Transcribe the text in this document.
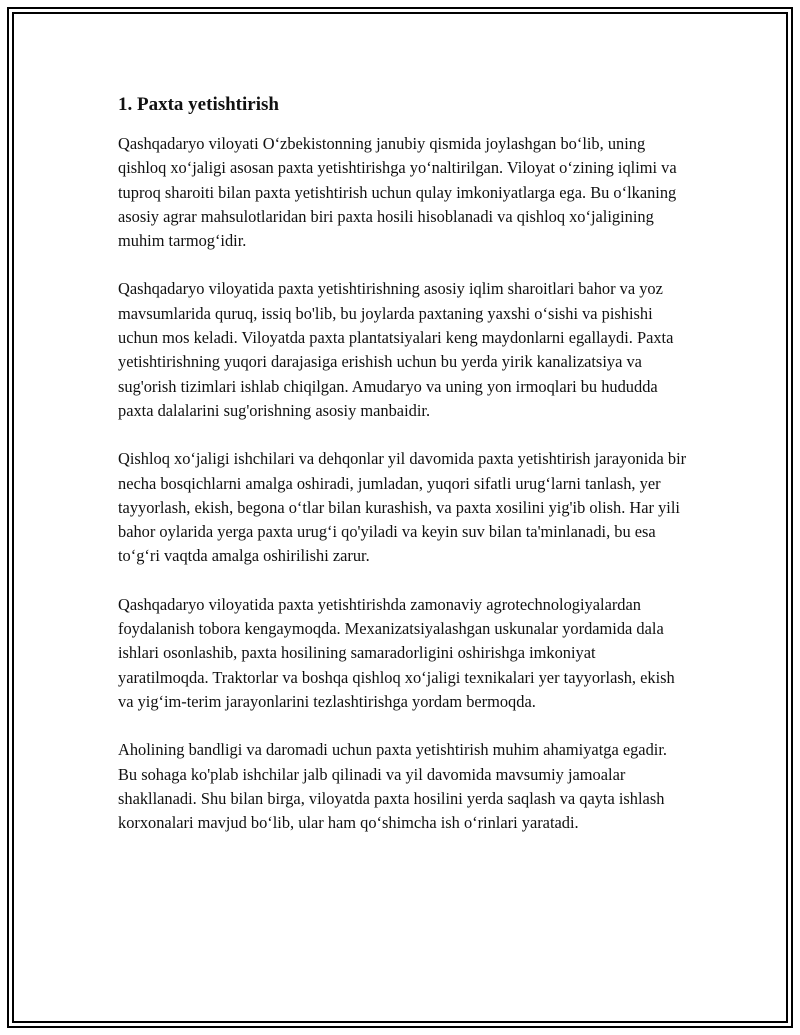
1. Paxta yetishtirish

Qashqadaryo viloyati O‘zbekistonning janubiy qismida joylashgan bo‘lib, uning qishloq xo‘jaligi asosan paxta yetishtirishga yo‘naltirilgan. Viloyat o‘zining iqlimi va tuproq sharoiti bilan paxta yetishtirish uchun qulay imkoniyatlarga ega. Bu o‘lkaning asosiy agrar mahsulotlaridan biri paxta hosili hisoblanadi va qishloq xo‘jaligining muhim tarmog‘idir.

Qashqadaryo viloyatida paxta yetishtirishning asosiy iqlim sharoitlari bahor va yoz mavsumlarida quruq, issiq bo'lib, bu joylarda paxtaning yaxshi o‘sishi va pishishi uchun mos keladi. Viloyatda paxta plantatsiyalari keng maydonlarni egallaydi. Paxta yetishtirishning yuqori darajasiga erishish uchun bu yerda yirik kanalizatsiya va sug'orish tizimlari ishlab chiqilgan. Amudaryo va uning yon irmoqlari bu hududda paxta dalalarini sug'orishning asosiy manbaidir.

Qishloq xo‘jaligi ishchilari va dehqonlar yil davomida paxta yetishtirish jarayonida bir necha bosqichlarni amalga oshiradi, jumladan, yuqori sifatli urug‘larni tanlash, yer tayyorlash, ekish, begona o‘tlar bilan kurashish, va paxta xosilini yig'ib olish. Har yili bahor oylarida yerga paxta urug‘i qo'yiladi va keyin suv bilan ta'minlanadi, bu esa to‘g‘ri vaqtda amalga oshirilishi zarur.

Qashqadaryo viloyatida paxta yetishtirishda zamonaviy agrotechnologiyalardan foydalanish tobora kengaymoqda. Mexanizatsiyalashgan uskunalar yordamida dala ishlari osonlashib, paxta hosilining samaradorligini oshirishga imkoniyat yaratilmoqda. Traktorlar va boshqa qishloq xo‘jaligi texnikalari yer tayyorlash, ekish va yig‘im-terim jarayonlarini tezlashtirishga yordam bermoqda.

Aholining bandligi va daromadi uchun paxta yetishtirish muhim ahamiyatga egadir. Bu sohaga ko'plab ishchilar jalb qilinadi va yil davomida mavsumiy jamoalar shakllanadi. Shu bilan birga, viloyatda paxta hosilini yerda saqlash va qayta ishlash korxonalari mavjud bo‘lib, ular ham qo‘shimcha ish o‘rinlari yaratadi.
